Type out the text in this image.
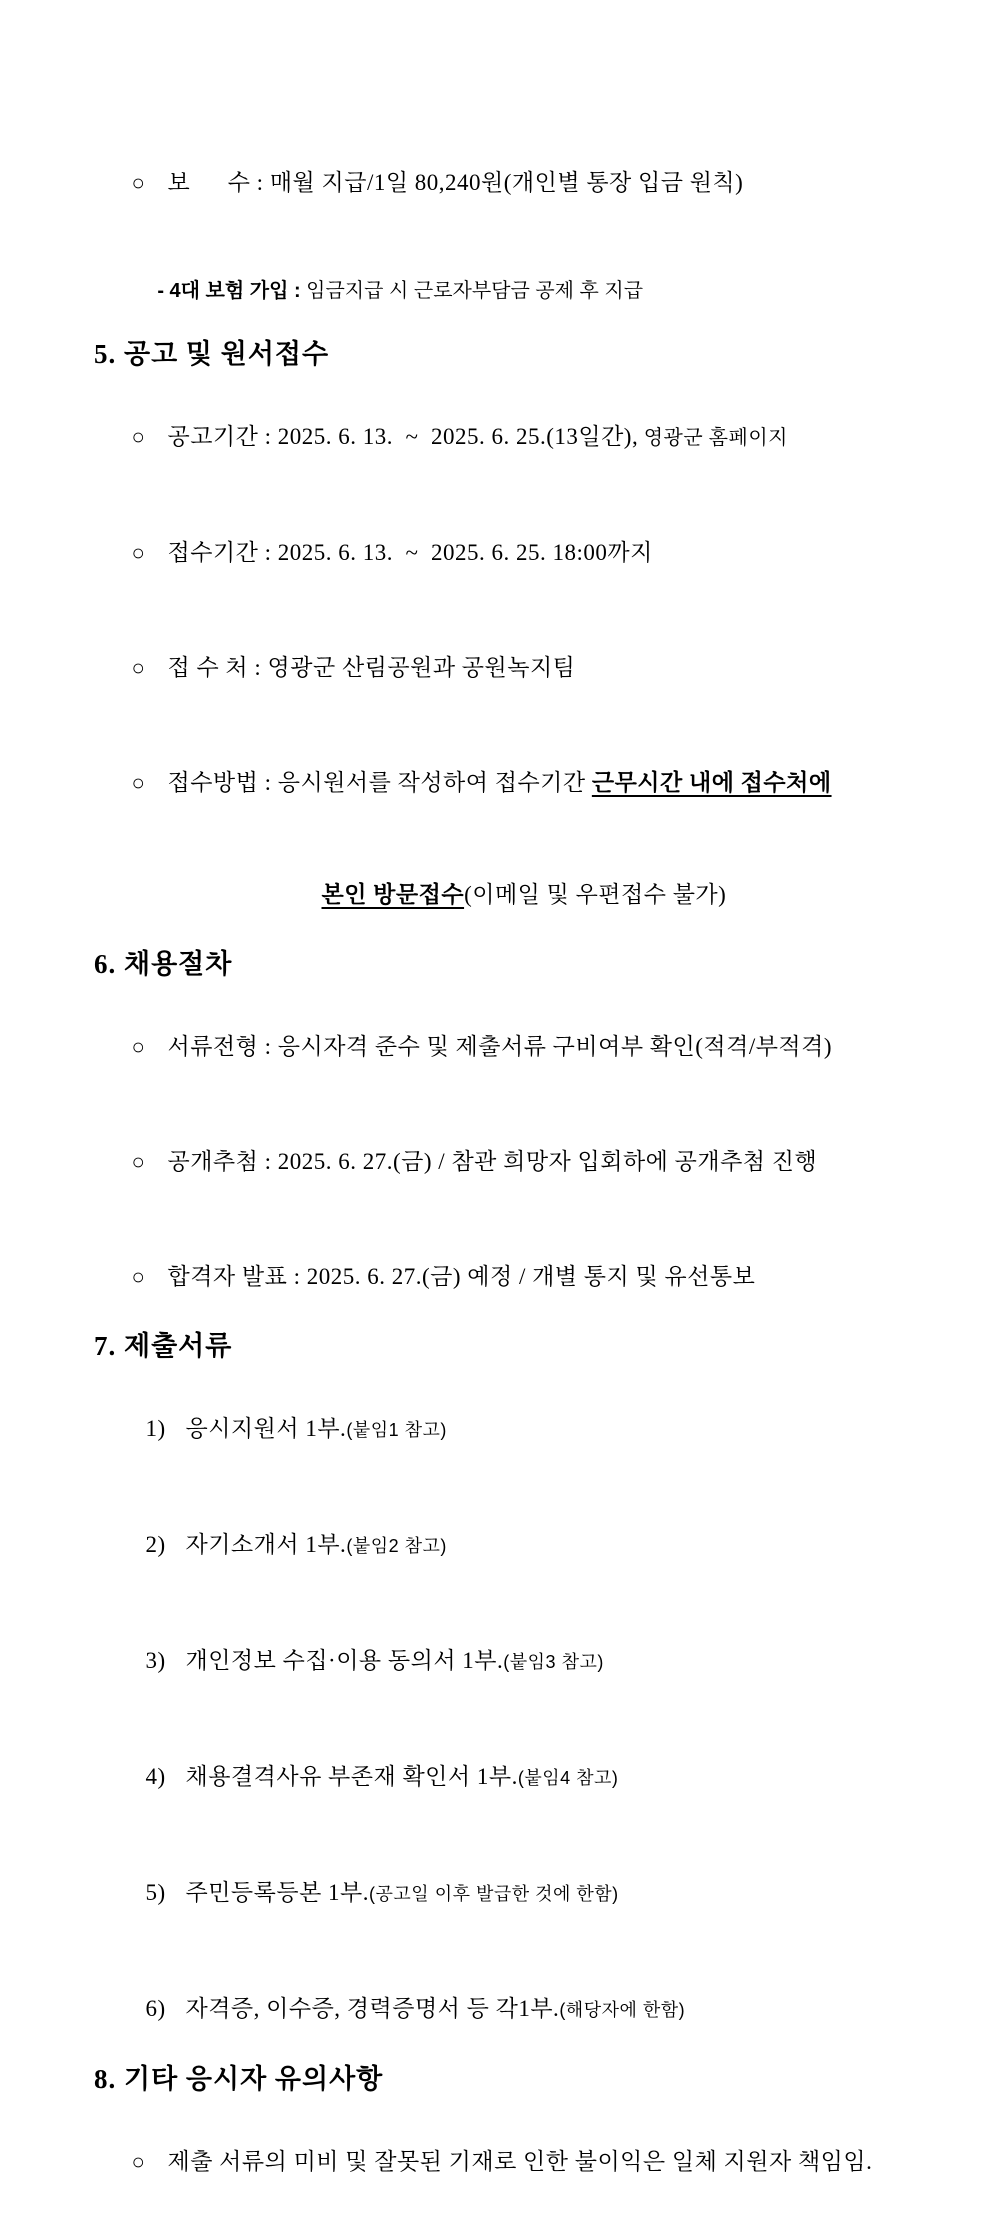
○ 보      수 : 매월 지급/1일 80,240원(개인별 통장 입금 원칙)

- 4대 보험 가입 : 임금지급 시 근로자부담금 공제 후 지급

5. 공고 및 원서접수

○ 공고기간 : 2025. 6. 13.  ~  2025. 6. 25.(13일간), 영광군 홈페이지

○ 접수기간 : 2025. 6. 13.  ~  2025. 6. 25. 18:00까지

○ 접 수 처 : 영광군 산림공원과 공원녹지팀

○ 접수방법 : 응시원서를 작성하여 접수기간 근무시간 내에 접수처에

본인 방문접수(이메일 및 우편접수 불가)

6. 채용절차

○ 서류전형 : 응시자격 준수 및 제출서류 구비여부 확인(적격/부적격)

○ 공개추첨 : 2025. 6. 27.(금) / 참관 희망자 입회하에 공개추첨 진행

○ 합격자 발표 : 2025. 6. 27.(금) 예정 / 개별 통지 및 유선통보

7. 제출서류

1) 응시지원서 1부.(붙임1 참고)

2) 자기소개서 1부.(붙임2 참고)

3) 개인정보 수집·이용 동의서 1부.(붙임3 참고)

4) 채용결격사유 부존재 확인서 1부.(붙임4 참고)

5) 주민등록등본 1부.(공고일 이후 발급한 것에 한함)

6) 자격증, 이수증, 경력증명서 등 각1부.(해당자에 한함)

8. 기타 응시자 유의사항

○ 제출 서류의 미비 및 잘못된 기재로 인한 불이익은 일체 지원자 책임임.
